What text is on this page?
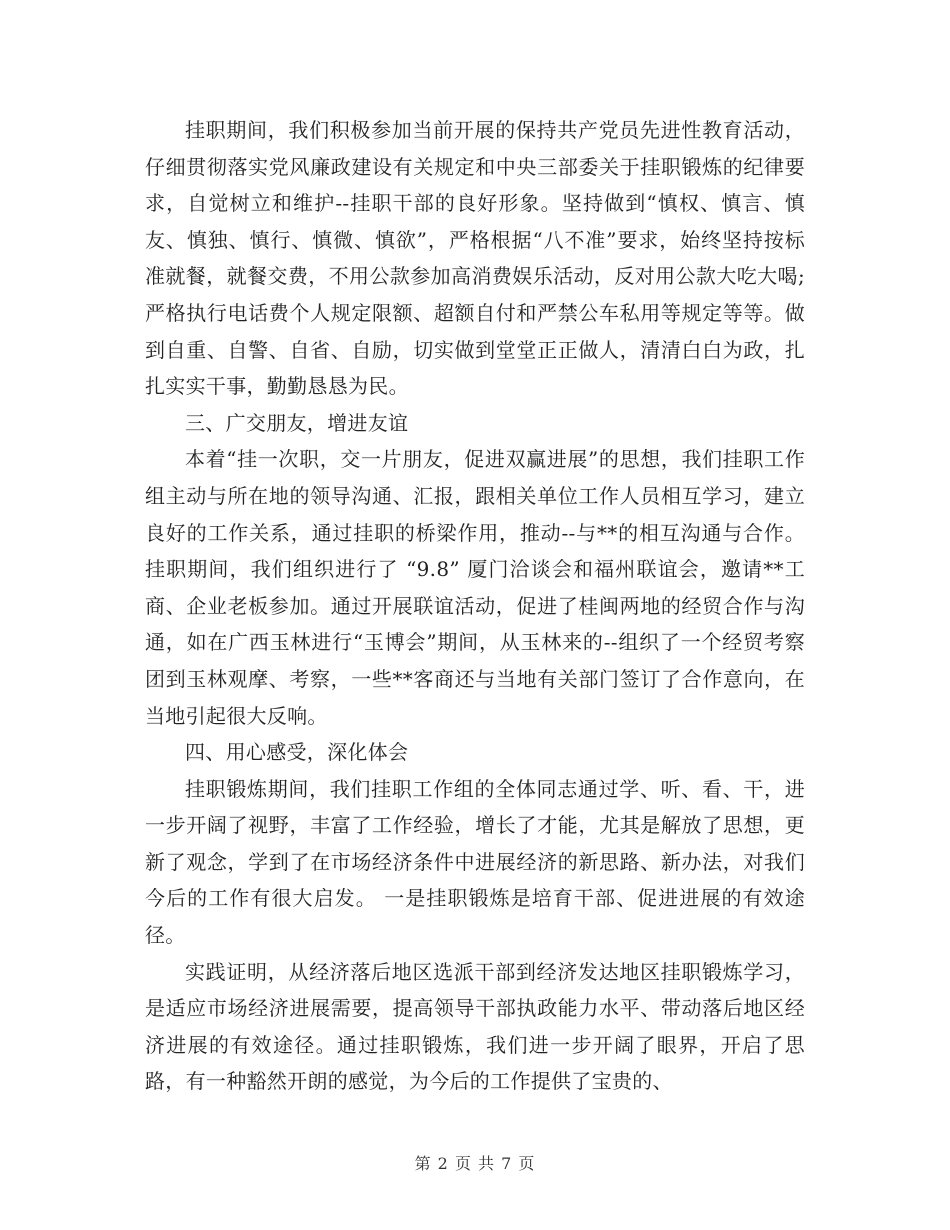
挂职期间，我们积极参加当前开展的保持共产党员先进性教育活动，仔细贯彻落实党风廉政建设有关规定和中央三部委关于挂职锻炼的纪律要求，自觉树立和维护--挂职干部的良好形象。坚持做到“慎权、慎言、慎友、慎独、慎行、慎微、慎欲”，严格根据“八不准”要求，始终坚持按标准就餐，就餐交费，不用公款参加高消费娱乐活动，反对用公款大吃大喝;严格执行电话费个人规定限额、超额自付和严禁公车私用等规定等等。做到自重、自警、自省、自励，切实做到堂堂正正做人，清清白白为政，扎扎实实干事，勤勤恳恳为民。

三、广交朋友，增进友谊

本着“挂一次职，交一片朋友，促进双赢进展”的思想，我们挂职工作组主动与所在地的领导沟通、汇报，跟相关单位工作人员相互学习，建立良好的工作关系，通过挂职的桥梁作用，推动--与**的相互沟通与合作。挂职期间，我们组织进行了 “9.8” 厦门洽谈会和福州联谊会，邀请**工商、企业老板参加。通过开展联谊活动，促进了桂闽两地的经贸合作与沟通，如在广西玉林进行“玉博会”期间，从玉林来的--组织了一个经贸考察团到玉林观摩、考察，一些**客商还与当地有关部门签订了合作意向，在当地引起很大反响。

四、用心感受，深化体会

挂职锻炼期间，我们挂职工作组的全体同志通过学、听、看、干，进一步开阔了视野，丰富了工作经验，增长了才能，尤其是解放了思想，更新了观念，学到了在市场经济条件中进展经济的新思路、新办法，对我们今后的工作有很大启发。 一是挂职锻炼是培育干部、促进进展的有效途径。

实践证明，从经济落后地区选派干部到经济发达地区挂职锻炼学习，是适应市场经济进展需要，提高领导干部执政能力水平、带动落后地区经济进展的有效途径。通过挂职锻炼，我们进一步开阔了眼界，开启了思路，有一种豁然开朗的感觉，为今后的工作提供了宝贵的、

第 2 页 共 7 页
